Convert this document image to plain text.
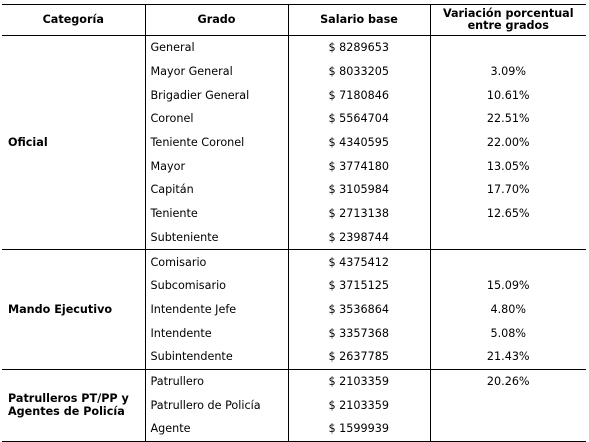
Categoría	Grado	Salario base	Variación porcentual entre grados
Oficial	General	$ 8289653	
	Mayor General	$ 8033205	3.09%
	Brigadier General	$ 7180846	10.61%
	Coronel	$ 5564704	22.51%
	Teniente Coronel	$ 4340595	22.00%
	Mayor	$ 3774180	13.05%
	Capitán	$ 3105984	17.70%
	Teniente	$ 2713138	12.65%
	Subteniente	$ 2398744	
Mando Ejecutivo	Comisario	$ 4375412	
	Subcomisario	$ 3715125	15.09%
	Intendente Jefe	$ 3536864	4.80%
	Intendente	$ 3357368	5.08%
	Subintendente	$ 2637785	21.43%
Patrulleros PT/PP y Agentes de Policía	Patrullero	$ 2103359	20.26%
	Patrullero de Policía	$ 2103359	
	Agente	$ 1599939	
